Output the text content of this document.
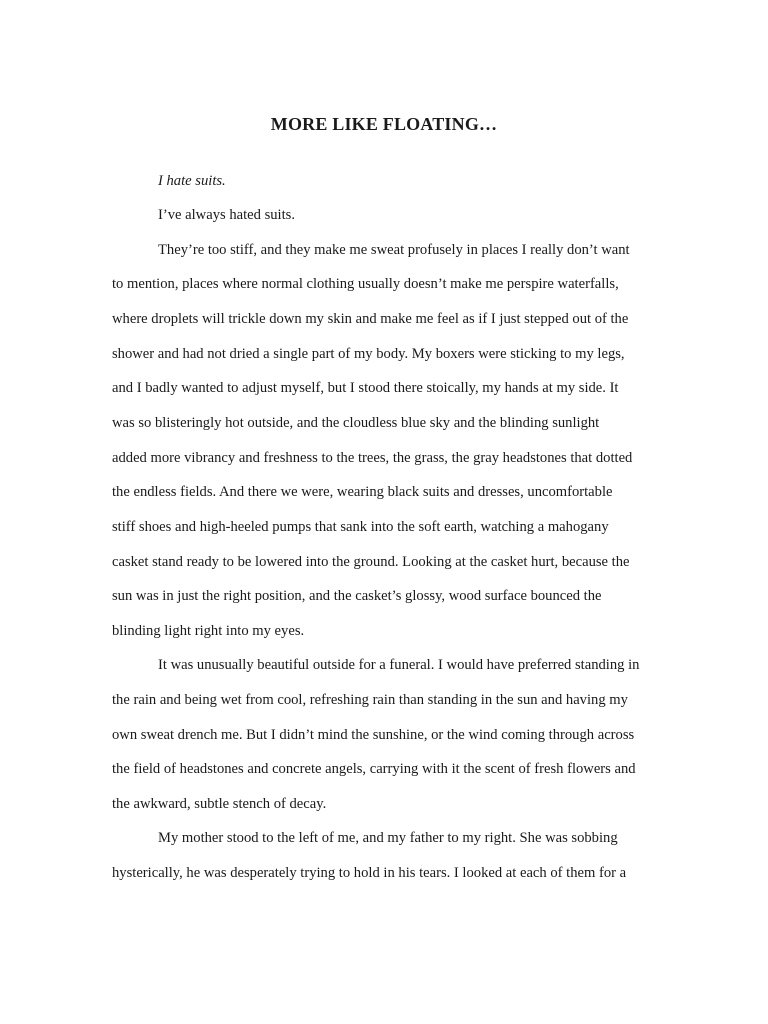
MORE LIKE FLOATING…
I hate suits.
I’ve always hated suits.
They’re too stiff, and they make me sweat profusely in places I really don’t want
to mention, places where normal clothing usually doesn’t make me perspire waterfalls,
where droplets will trickle down my skin and make me feel as if I just stepped out of the
shower and had not dried a single part of my body. My boxers were sticking to my legs,
and I badly wanted to adjust myself, but I stood there stoically, my hands at my side. It
was so blisteringly hot outside, and the cloudless blue sky and the blinding sunlight
added more vibrancy and freshness to the trees, the grass, the gray headstones that dotted
the endless fields. And there we were, wearing black suits and dresses, uncomfortable
stiff shoes and high-heeled pumps that sank into the soft earth, watching a mahogany
casket stand ready to be lowered into the ground. Looking at the casket hurt, because the
sun was in just the right position, and the casket’s glossy, wood surface bounced the
blinding light right into my eyes.
It was unusually beautiful outside for a funeral. I would have preferred standing in
the rain and being wet from cool, refreshing rain than standing in the sun and having my
own sweat drench me. But I didn’t mind the sunshine, or the wind coming through across
the field of headstones and concrete angels, carrying with it the scent of fresh flowers and
the awkward, subtle stench of decay.
My mother stood to the left of me, and my father to my right. She was sobbing
hysterically, he was desperately trying to hold in his tears. I looked at each of them for a
